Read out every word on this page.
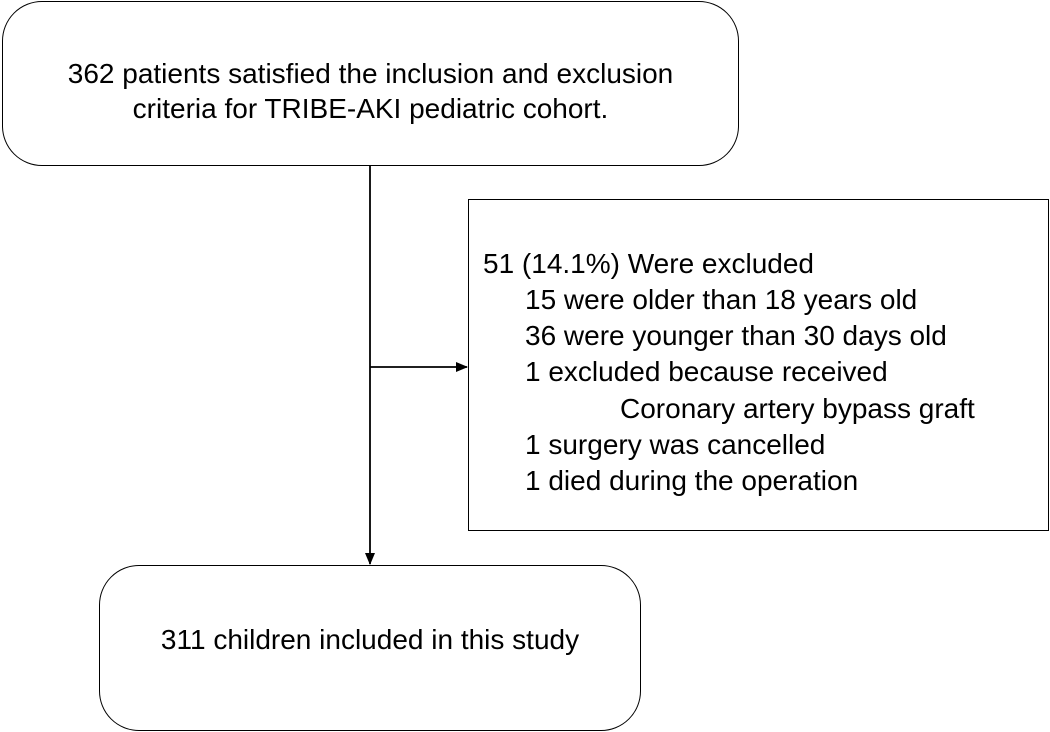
362 patients satisfied the inclusion and exclusion
criteria for TRIBE-AKI pediatric cohort.
51 (14.1%) Were excluded
15 were older than 18 years old
36 were younger than 30 days old
1 excluded because received
Coronary artery bypass graft
1 surgery was cancelled
1 died during the operation
311 children included in this study
